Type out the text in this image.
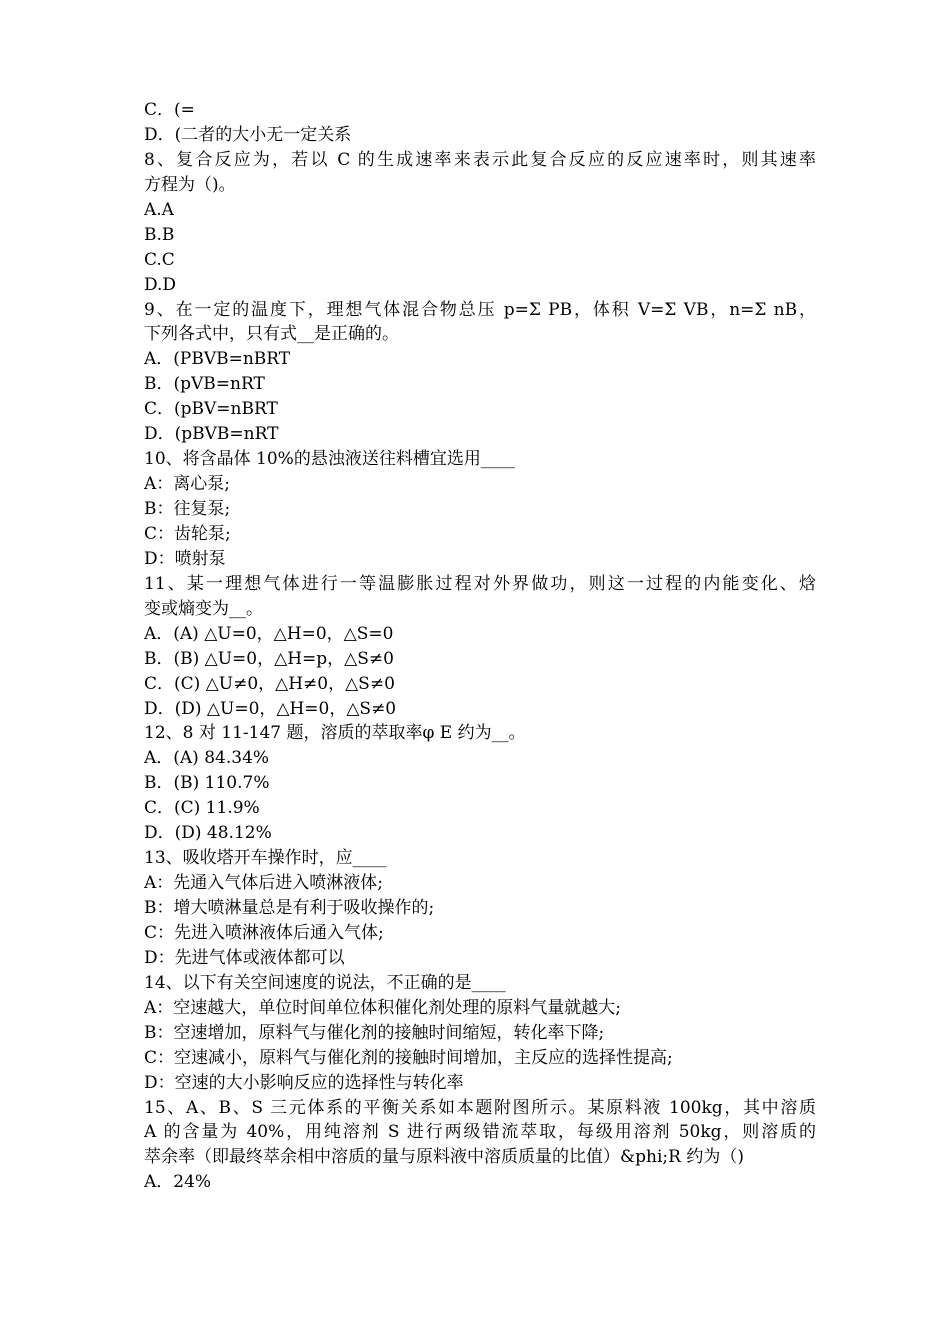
C．(=
D．(二者的大小无一定关系
8、复合反应为，若以 C 的生成速率来表示此复合反应的反应速率时，则其速率
方程为（)。
A.A
B.B
C.C
D.D
9、在一定的温度下，理想气体混合物总压 p=Σ PB，体积 V=Σ VB，n=Σ nB，
下列各式中，只有式__是正确的。
A．(PBVB=nBRT
B．(pVB=nRT
C．(pBV=nBRT
D．(pBVB=nRT
10、将含晶体 10%的悬浊液送往料槽宜选用____
A：离心泵;
B：往复泵;
C：齿轮泵;
D：喷射泵
11、某一理想气体进行一等温膨胀过程对外界做功，则这一过程的内能变化、焓
变或熵变为__。
A．(A) △U=0，△H=0，△S=0
B．(B) △U=0，△H=p，△S≠0
C．(C) △U≠0，△H≠0，△S≠0
D．(D) △U=0，△H=0，△S≠0
12、8 对 11-147 题，溶质的萃取率φ E 约为__。
A．(A) 84.34%
B．(B) 110.7%
C．(C) 11.9%
D．(D) 48.12%
13、吸收塔开车操作时，应____
A：先通入气体后进入喷淋液体;
B：增大喷淋量总是有利于吸收操作的;
C：先进入喷淋液体后通入气体;
D：先进气体或液体都可以
14、以下有关空间速度的说法，不正确的是____
A：空速越大，单位时间单位体积催化剂处理的原料气量就越大;
B：空速增加，原料气与催化剂的接触时间缩短，转化率下降;
C：空速减小，原料气与催化剂的接触时间增加，主反应的选择性提高;
D：空速的大小影响反应的选择性与转化率
15、A、B、S 三元体系的平衡关系如本题附图所示。某原料液 100kg，其中溶质
A 的含量为 40%，用纯溶剂 S 进行两级错流萃取，每级用溶剂 50kg，则溶质的
萃余率（即最终萃余相中溶质的量与原料液中溶质质量的比值）&phi;R 约为（)
A．24%
